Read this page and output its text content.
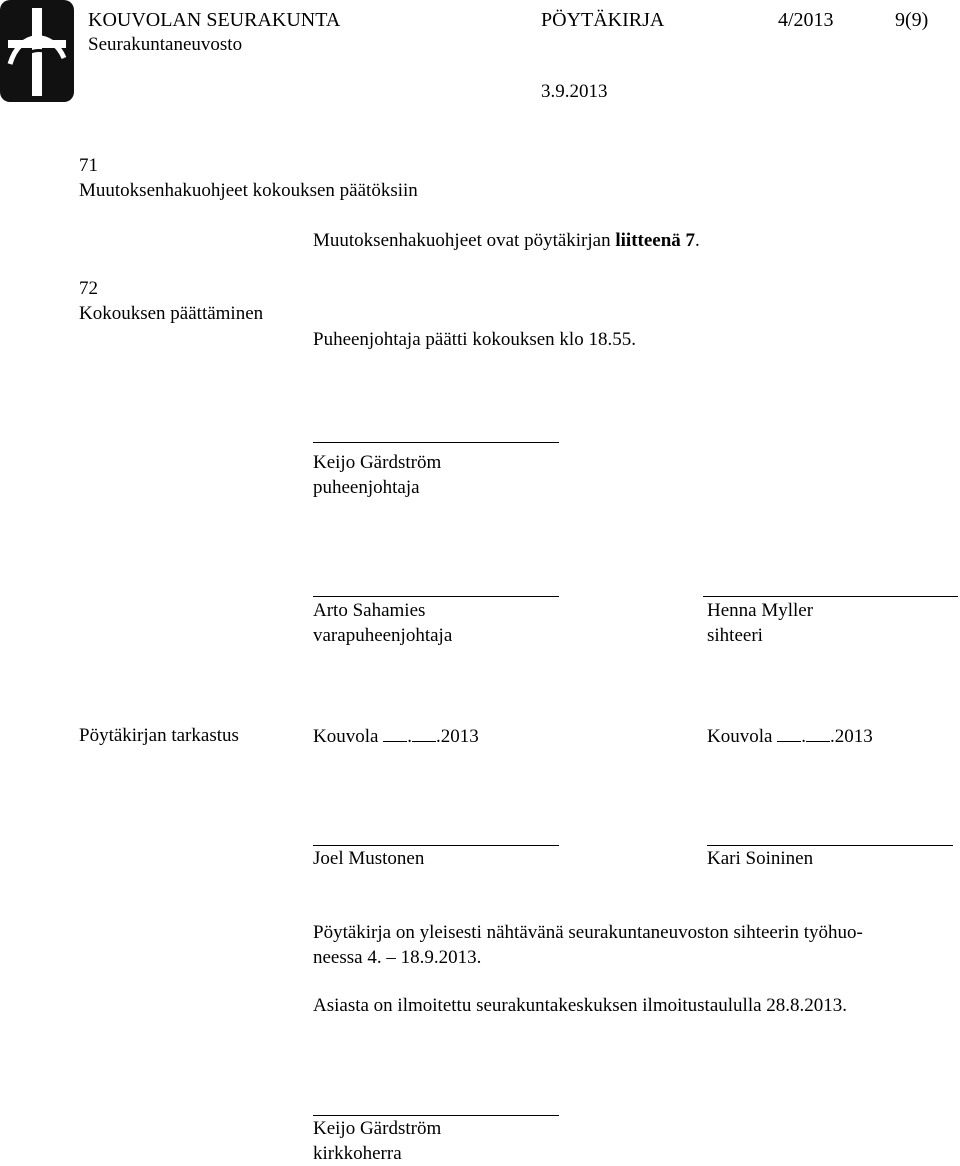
KOUVOLAN SEURAKUNTA
Seurakuntaneuvosto
PÖYTÄKIRJA	4/2013	9(9)
3.9.2013
71
Muutoksenhakuohjeet kokouksen päätöksiin
Muutoksenhakuohjeet ovat pöytäkirjan liitteenä 7.
72
Kokouksen päättäminen
Puheenjohtaja päätti kokouksen klo 18.55.
Keijo Gärdström
puheenjohtaja
Arto Sahamies
varapuheenjohtaja
Henna Myller
sihteeri
Pöytäkirjan tarkastus	Kouvola . .2013	Kouvola . .2013
Joel Mustonen	Kari Soininen
Pöytäkirja on yleisesti nähtävänä seurakuntaneuvoston sihteerin työhuo-
neessa 4. – 18.9.2013.
Asiasta on ilmoitettu seurakuntakeskuksen ilmoitustaululla 28.8.2013.
Keijo Gärdström
kirkkoherra
